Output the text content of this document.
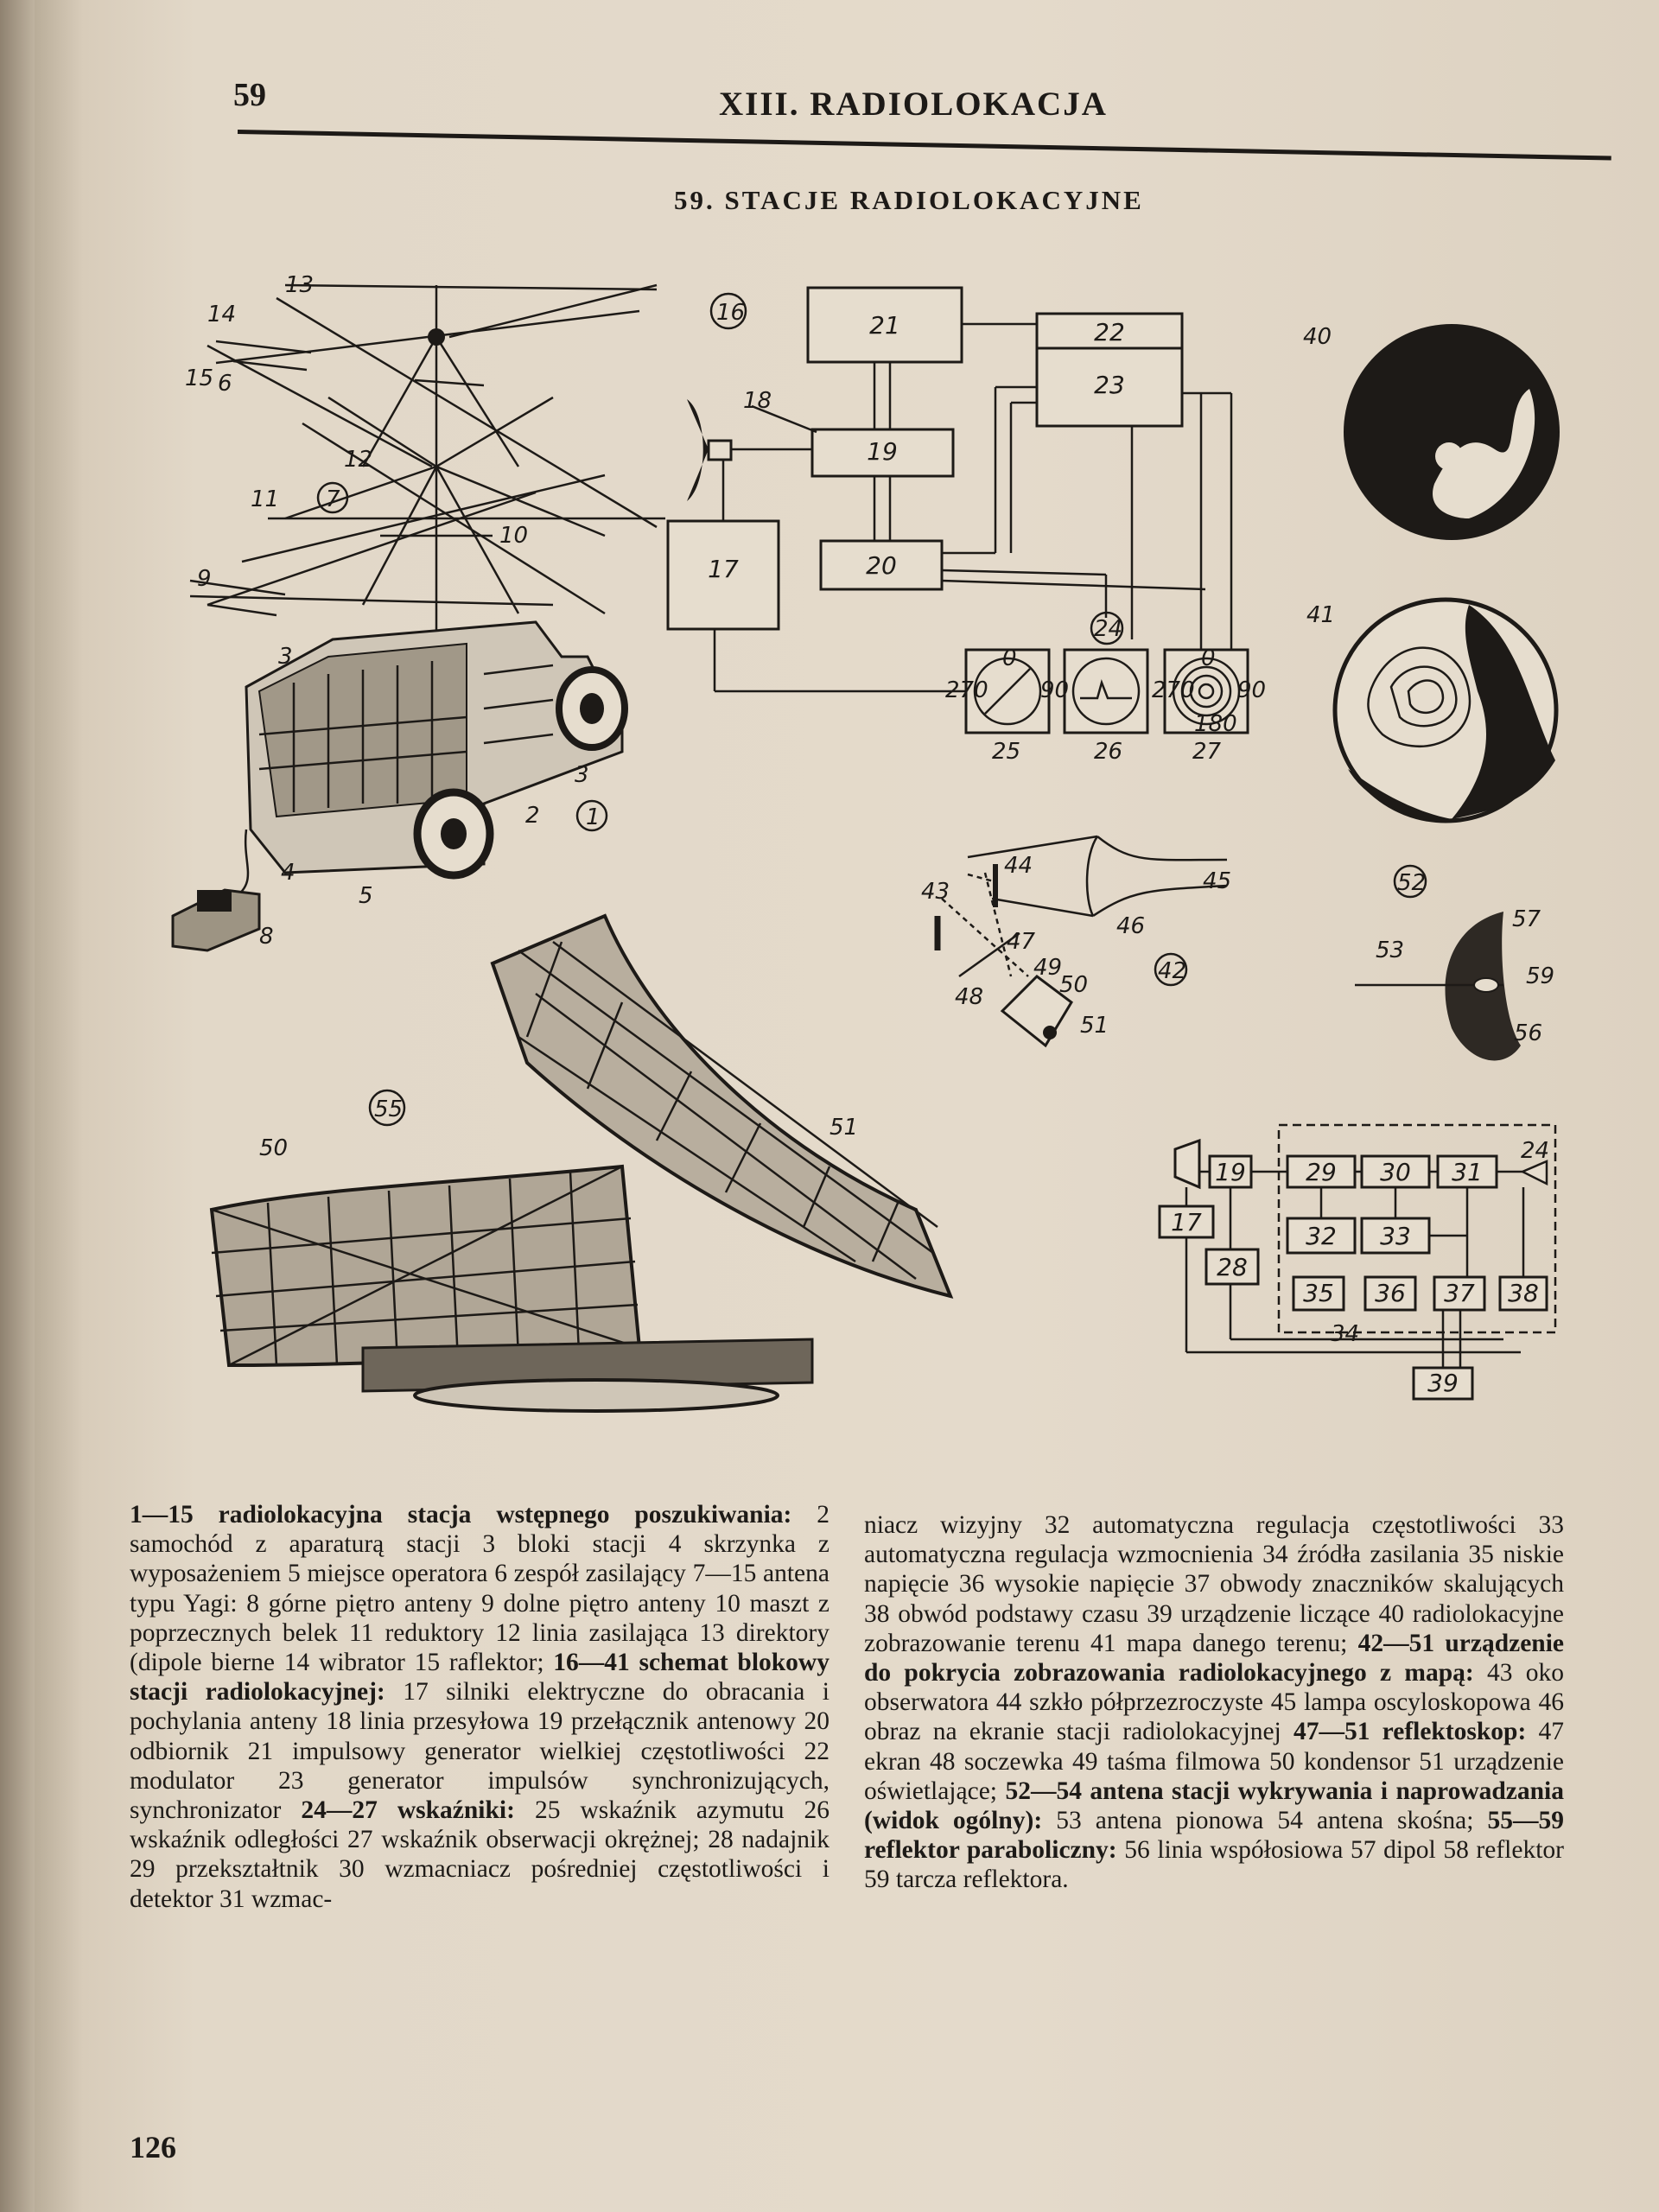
59	XIII. RADIOLOKACJA
59. STACJE RADIOLOKACYJNE
13
14
15 6
12
11 7
10
9
3
3
2 1
4
5
8
16	21	22
23
19
17	20
24
270 90
0
270 90
0
180
25	26	27
18
40
41
52
43
44
45
46
47
48
49
50
51
42
53
57
59
56
55
50
51
19
17
28
29 30 31
32 33
35 36 37 38
39
34
24
1—15 radiolokacyjna stacja wstępnego poszukiwania: 2 samochód z aparaturą stacji 3 bloki stacji 4 skrzynka z wyposażeniem 5 miejsce operatora 6 zespół zasilający 7—15 antena typu Yagi: 8 górne piętro anteny 9 dolne piętro anteny 10 maszt z poprzecznych belek 11 reduktory 12 linia zasilająca 13 direktory (dipole bierne 14 wibrator 15 raflektor; 16—41 schemat blokowy stacji radiolokacyjnej: 17 silniki elektryczne do obracania i pochylania anteny 18 linia przesyłowa 19 przełącznik antenowy 20 odbiornik 21 impulsowy generator wielkiej częstotliwości 22 modulator 23 generator impulsów synchronizujących, synchronizator 24—27 wskaźniki: 25 wskaźnik azymutu 26 wskaźnik odległości 27 wskaźnik obserwacji okrężnej; 28 nadajnik 29 przekształtnik 30 wzmacniacz pośredniej częstotliwości i detektor 31 wzmac-
niacz wizyjny 32 automatyczna regulacja częstotliwości 33 automatyczna regulacja wzmocnienia 34 źródła zasilania 35 niskie napięcie 36 wysokie napięcie 37 obwody znaczników skalujących 38 obwód podstawy czasu 39 urządzenie liczące 40 radiolokacyjne zobrazowanie terenu 41 mapa danego terenu; 42—51 urządzenie do pokrycia zobrazowania radiolokacyjnego z mapą: 43 oko obserwatora 44 szkło półprzezroczyste 45 lampa oscyloskopowa 46 obraz na ekranie stacji radiolokacyjnej 47—51 reflektoskop: 47 ekran 48 soczewka 49 taśma filmowa 50 kondensor 51 urządzenie oświetlające; 52—54 antena stacji wykrywania i naprowadzania (widok ogólny): 53 antena pionowa 54 antena skośna; 55—59 reflektor paraboliczny: 56 linia współosiowa 57 dipol 58 reflektor 59 tarcza reflektora.
126
